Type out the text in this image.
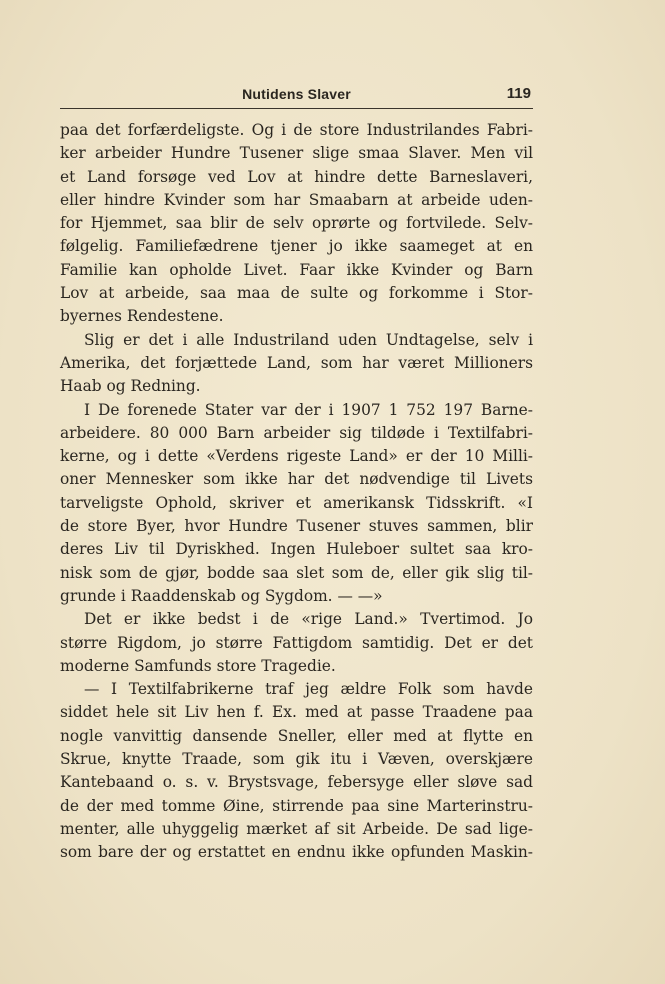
Nutidens Slaver	119
paa det forfærdeligste. Og i de store Industrilandes Fabri-
ker arbeider Hundre Tusener slige smaa Slaver. Men vil
et Land forsøge ved Lov at hindre dette Barneslaveri,
eller hindre Kvinder som har Smaabarn at arbeide uden-
for Hjemmet, saa blir de selv oprørte og fortvilede. Selv-
følgelig. Familiefædrene tjener jo ikke saameget at en
Familie kan opholde Livet. Faar ikke Kvinder og Barn
Lov at arbeide, saa maa de sulte og forkomme i Stor-
byernes Rendestene.
Slig er det i alle Industriland uden Undtagelse, selv i
Amerika, det forjættede Land, som har været Millioners
Haab og Redning.
I De forenede Stater var der i 1907 1 752 197 Barne-
arbeidere. 80 000 Barn arbeider sig tildøde i Textilfabri-
kerne, og i dette «Verdens rigeste Land» er der 10 Milli-
oner Mennesker som ikke har det nødvendige til Livets
tarveligste Ophold, skriver et amerikansk Tidsskrift. «I
de store Byer, hvor Hundre Tusener stuves sammen, blir
deres Liv til Dyriskhed. Ingen Huleboer sultet saa kro-
nisk som de gjør, bodde saa slet som de, eller gik slig til-
grunde i Raaddenskab og Sygdom. — —»
Det er ikke bedst i de «rige Land.» Tvertimod. Jo
større Rigdom, jo større Fattigdom samtidig. Det er det
moderne Samfunds store Tragedie.
— I Textilfabrikerne traf jeg ældre Folk som havde
siddet hele sit Liv hen f. Ex. med at passe Traadene paa
nogle vanvittig dansende Sneller, eller med at flytte en
Skrue, knytte Traade, som gik itu i Væven, overskjære
Kantebaand o. s. v. Brystsvage, febersyge eller sløve sad
de der med tomme Øine, stirrende paa sine Marterinstru-
menter, alle uhyggelig mærket af sit Arbeide. De sad lige-
som bare der og erstattet en endnu ikke opfunden Maskin-
